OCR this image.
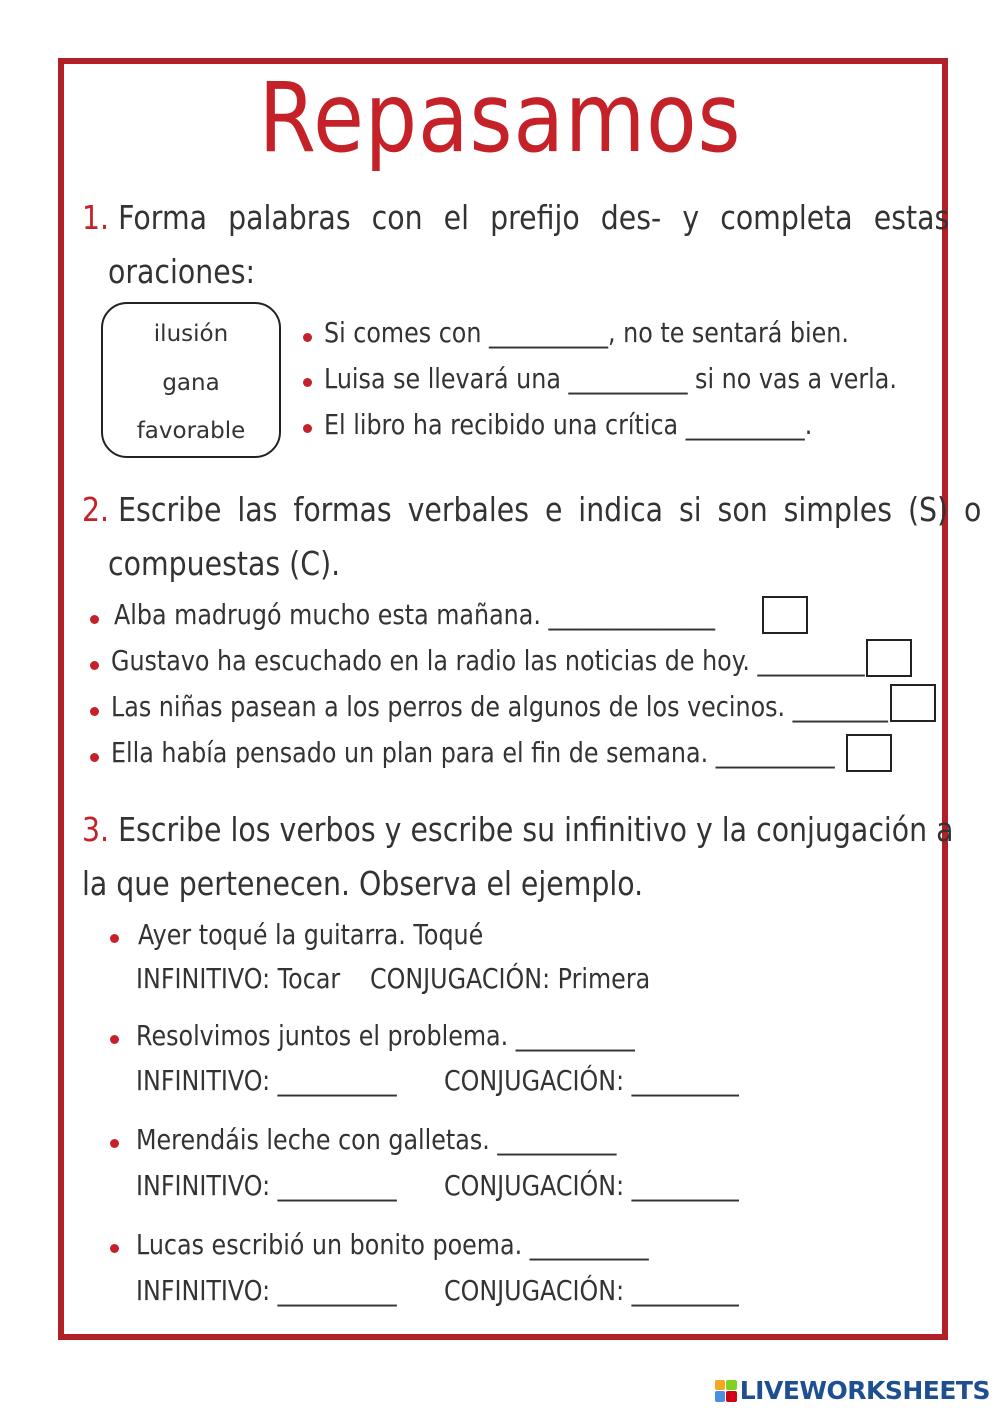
Repasamos
1. Forma palabras con el prefijo des- y completa estas
oraciones:
ilusión
gana
favorable
Si comes con __________, no te sentará bien.
Luisa se llevará una __________ si no vas a verla.
El libro ha recibido una crítica __________.
2. Escribe las formas verbales e indica si son simples (S) o
compuestas (C).
Alba madrugó mucho esta mañana. ______________
Gustavo ha escuchado en la radio las noticias de hoy. _________
Las niñas pasean a los perros de algunos de los vecinos. ________
Ella había pensado un plan para el fin de semana. __________
3. Escribe los verbos y escribe su infinitivo y la conjugación a
la que pertenecen. Observa el ejemplo.
Ayer toqué la guitarra. Toqué
INFINITIVO: Tocar CONJUGACIÓN: Primera
Resolvimos juntos el problema. __________
INFINITIVO: __________ CONJUGACIÓN: _________
Merendáis leche con galletas. __________
INFINITIVO: __________ CONJUGACIÓN: _________
Lucas escribió un bonito poema. __________
INFINITIVO: __________ CONJUGACIÓN: _________
LIVEWORKSHEETS
